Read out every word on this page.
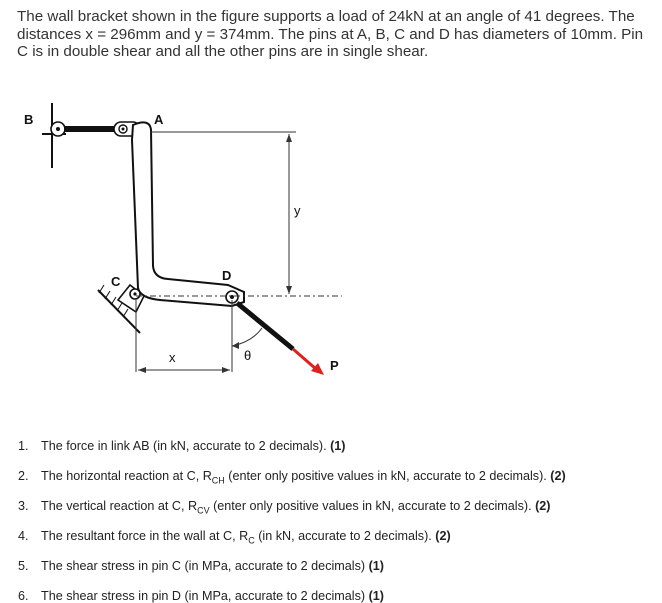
The wall bracket shown in the figure supports a load of 24kN at an angle of 41 degrees. The distances x = 296mm and y = 374mm. The pins at A, B, C and D has diameters of 10mm. Pin C is in double shear and all the other pins are in single shear.
A
B
C	D
P
x	θ
y
1. The force in link AB (in kN, accurate to 2 decimals). (1)
2. The horizontal reaction at C, $R_{CH}$ (enter only positive values in kN, accurate to 2 decimals). (2)
3. The vertical reaction at C, $R_{CV}$ (enter only positive values in kN, accurate to 2 decimals). (2)
4. The resultant force in the wall at C, $R_C$ (in kN, accurate to 2 decimals). (2)
5. The shear stress in pin C (in MPa, accurate to 2 decimals) (1)
6. The shear stress in pin D (in MPa, accurate to 2 decimals) (1)
